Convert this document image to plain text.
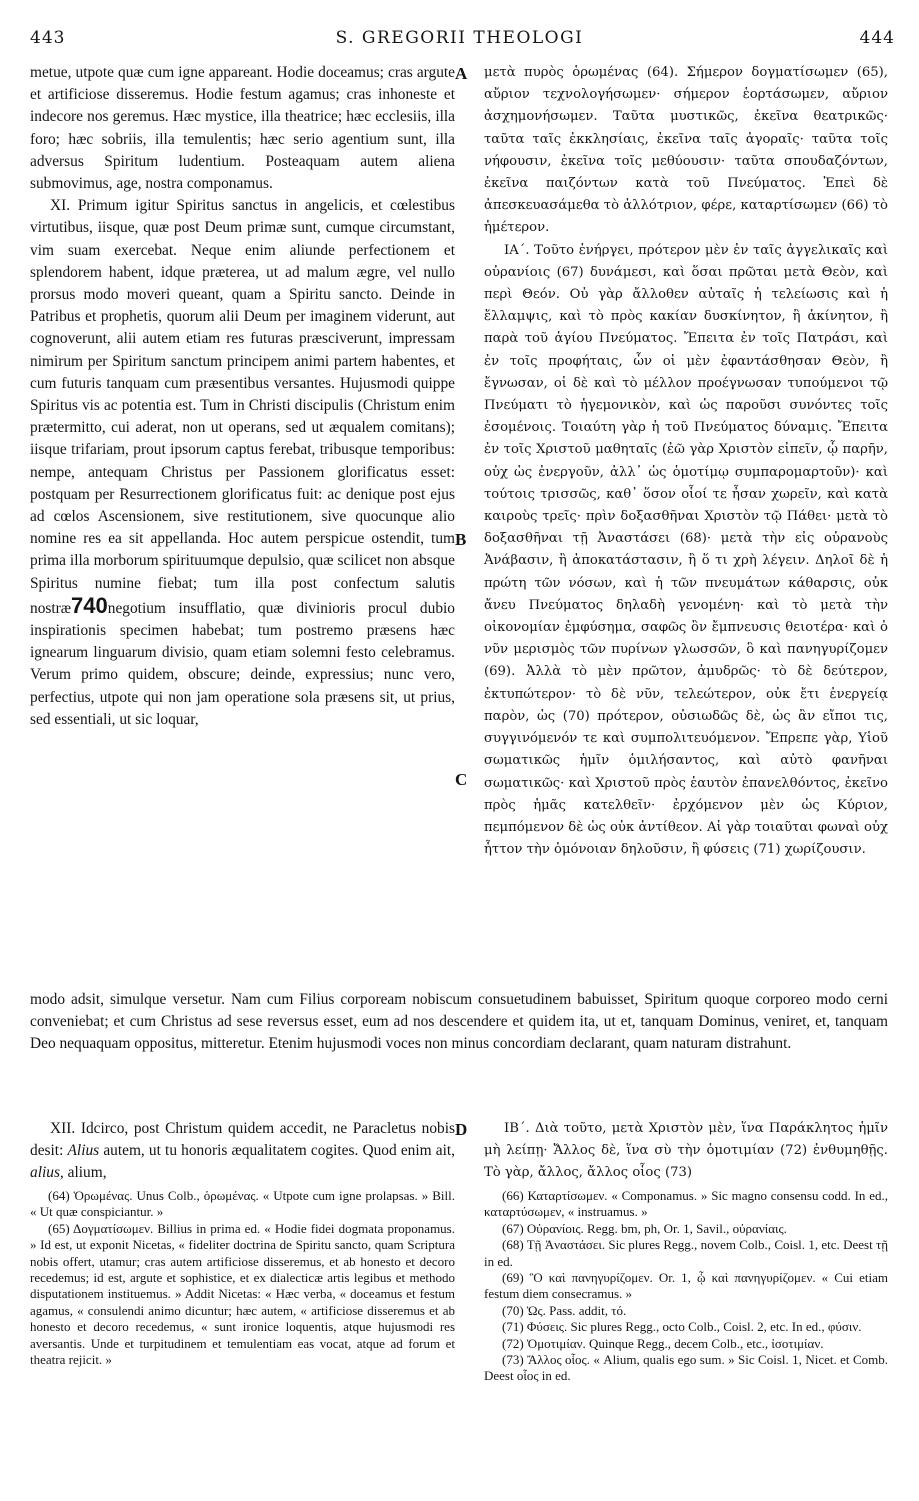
443	S. GREGORII THEOLOGI	444
A
B
C
D

metue, utpote quæ cum igne appareant. Hodie doceamus; cras argute et artificiose disseremus. Hodie festum agamus; cras inhoneste et indecore nos geremus. Hæc mystice, illa theatrice; hæc ecclesiis, illa foro; hæc sobriis, illa temulentis; hæc serio agentium sunt, illa adversus Spiritum ludentium. Posteaquam autem aliena submovimus, age, nostra componamus.

XI. Primum igitur Spiritus sanctus in angelicis, et cœlestibus virtutibus, iisque, quæ post Deum primæ sunt, cumque circumstant, vim suam exercebat. Neque enim aliunde perfectionem et splendorem habent, idque præterea, ut ad malum ægre, vel nullo prorsus modo moveri queant, quam a Spiritu sancto. Deinde in Patribus et prophetis, quorum alii Deum per imaginem viderunt, aut cognoverunt, alii autem etiam res futuras præsciverunt, impressam nimirum per Spiritum sanctum principem animi partem habentes, et cum futuris tanquam cum præsentibus versantes. Hujusmodi quippe Spiritus vis ac potentia est. Tum in Christi discipulis (Christum enim prætermitto, cui aderat, non ut operans, sed ut æqualem comitans); iisque trifariam, prout ipsorum captus ferebat, tribusque temporibus: nempe, antequam Christus per Passionem glorificatus esset: postquam per Resurrectionem glorificatus fuit: ac denique post ejus ad cœlos Ascensionem, sive restitutionem, sive quocunque alio nomine res ea sit appellanda. Hoc autem perspicue ostendit, tum prima illa morborum spirituumque depulsio, quæ scilicet non absque Spiritus numine fiebat; tum illa post confectum salutis nostræ740negotium insufflatio, quæ divinioris procul dubio inspirationis specimen habebat; tum postremo præsens hæc ignearum linguarum divisio, quam etiam solemni festo celebramus. Verum primo quidem, obscure; deinde, expressius; nunc vero, perfectius, utpote qui non jam operatione sola præsens sit, ut prius, sed essentiali, ut sic loquar,

μετὰ πυρὸς ὁρωμένας (64). Σήμερον δογματίσωμεν (65), αὔριον τεχνολογήσωμεν· σήμερον ἑορτάσωμεν, αὔριον ἀσχημονήσωμεν. Ταῦτα μυστικῶς, ἐκεῖνα θεατρικῶς· ταῦτα ταῖς ἐκκλησίαις, ἐκεῖνα ταῖς ἀγοραῖς· ταῦτα τοῖς νήφουσιν, ἐκεῖνα τοῖς μεθύουσιν· ταῦτα σπουδαζόντων, ἐκεῖνα παιζόντων κατὰ τοῦ Πνεύματος. Ἐπεὶ δὲ ἀπεσκευασάμεθα τὸ ἀλλότριον, φέρε, καταρτίσωμεν (66) τὸ ἡμέτερον.

ΙΑ΄. Τοῦτο ἐνήργει, πρότερον μὲν ἐν ταῖς ἀγγελικαῖς καὶ οὐρανίοις (67) δυνάμεσι, καὶ ὅσαι πρῶται μετὰ Θεὸν, καὶ περὶ Θεόν. Οὐ γὰρ ἄλλοθεν αὐταῖς ἡ τελείωσις καὶ ἡ ἔλλαμψις, καὶ τὸ πρὸς κακίαν δυσκίνητον, ἢ ἀκίνητον, ἢ παρὰ τοῦ ἁγίου Πνεύματος. Ἔπειτα ἐν τοῖς Πατράσι, καὶ ἐν τοῖς προφήταις, ὧν οἱ μὲν ἐφαντάσθησαν Θεὸν, ἢ ἔγνωσαν, οἱ δὲ καὶ τὸ μέλλον προέγνωσαν τυπούμενοι τῷ Πνεύματι τὸ ἡγεμονικὸν, καὶ ὡς παροῦσι συνόντες τοῖς ἐσομένοις. Τοιαύτη γὰρ ἡ τοῦ Πνεύματος δύναμις. Ἔπειτα ἐν τοῖς Χριστοῦ μαθηταῖς (ἐῶ γὰρ Χριστὸν εἰπεῖν, ᾧ παρῆν, οὐχ ὡς ἐνεργοῦν, ἀλλ᾽ ὡς ὁμοτίμῳ συμπαρομαρτοῦν)· καὶ τούτοις τρισσῶς, καθ᾽ ὅσον οἷοί τε ἦσαν χωρεῖν, καὶ κατὰ καιροὺς τρεῖς· πρὶν δοξασθῆναι Χριστὸν τῷ Πάθει· μετὰ τὸ δοξασθῆναι τῇ Ἀναστάσει (68)· μετὰ τὴν εἰς οὐρανοὺς Ἀνάβασιν, ἢ ἀποκατάστασιν, ἢ ὅ τι χρὴ λέγειν. Δηλοῖ δὲ ἡ πρώτη τῶν νόσων, καὶ ἡ τῶν πνευμάτων κάθαρσις, οὐκ ἄνευ Πνεύματος δηλαδὴ γενομένη· καὶ τὸ μετὰ τὴν οἰκονομίαν ἐμφύσημα, σαφῶς ὂν ἔμπνευσις θειοτέρα· καὶ ὁ νῦν μερισμὸς τῶν πυρίνων γλωσσῶν, ὃ καὶ πανηγυρίζομεν (69). Ἀλλὰ τὸ μὲν πρῶτον, ἀμυδρῶς· τὸ δὲ δεύτερον, ἐκτυπώτερον· τὸ δὲ νῦν, τελεώτερον, οὐκ ἔτι ἐνεργείᾳ παρὸν, ὡς (70) πρότερον, οὐσιωδῶς δὲ, ὡς ἂν εἴποι τις, συγγινόμενόν τε καὶ συμπολιτευόμενον. Ἔπρεπε γὰρ, Υἱοῦ σωματικῶς ἡμῖν ὁμιλήσαντος, καὶ αὐτὸ φανῆναι σωματικῶς· καὶ Χριστοῦ πρὸς ἑαυτὸν ἐπανελθόντος, ἐκεῖνο πρὸς ἡμᾶς κατελθεῖν· ἐρχόμενον μὲν ὡς Κύριον, πεμπόμενον δὲ ὡς οὐκ ἀντίθεον. Αἱ γὰρ τοιαῦται φωναὶ οὐχ ἧττον τὴν ὁμόνοιαν δηλοῦσιν, ἢ φύσεις (71) χωρίζουσιν.

modo adsit, simulque versetur. Nam cum Filius corpoream nobiscum consuetudinem babuisset, Spiritum quoque corporeo modo cerni conveniebat; et cum Christus ad sese reversus esset, eum ad nos descendere et quidem ita, ut et, tanquam Dominus, veniret, et, tanquam Deo nequaquam oppositus, mitteretur. Etenim hujusmodi voces non minus concordiam declarant, quam naturam distrahunt.

XII. Idcirco, post Christum quidem accedit, ne Paracletus nobis desit: Alius autem, ut tu honoris æqualitatem cogites. Quod enim ait, alius, alium,

ΙΒ΄. Διὰ τοῦτο, μετὰ Χριστὸν μὲν, ἵνα Παράκλητος ἡμῖν μὴ λείπῃ· Ἄλλος δὲ, ἵνα σὺ τὴν ὁμοτιμίαν (72) ἐνθυμηθῇς. Τὸ γὰρ, ἄλλος, ἄλλος οἷος (73)

(64) Ὁρωμένας. Unus Colb., ὁρωμένας. « Utpote cum igne prolapsas. » Bill. « Ut quæ conspiciantur. »

(65) Δογματίσωμεν. Billius in prima ed. « Hodie fidei dogmata proponamus. » Id est, ut exponit Nicetas, « fideliter doctrina de Spiritu sancto, quam Scriptura nobis offert, utamur; cras autem artificiose disseremus, et ab honesto et decoro recedemus; id est, argute et sophistice, et ex dialecticæ artis legibus et methodo disputationem instituemus. » Addit Nicetas: « Hæc verba, « doceamus et festum agamus, « consulendi animo dicuntur; hæc autem, « artificiose disseremus et ab honesto et decoro recedemus, « sunt ironice loquentis, atque hujusmodi res aversantis. Unde et turpitudinem et temulentiam eas vocat, atque ad forum et theatra rejicit. »

(66) Καταρτίσωμεν. « Componamus. » Sic magno consensu codd. In ed., καταρτύσωμεν, « instruamus. »

(67) Οὐρανίοις. Regg. bm, ph, Or. 1, Savil., οὐρανίαις.

(68) Τῇ Ἀναστάσει. Sic plures Regg., novem Colb., Coisl. 1, etc. Deest τῇ in ed.

(69) Ὃ καὶ πανηγυρίζομεν. Or. 1, ᾧ καὶ πανηγυρίζομεν. « Cui etiam festum diem consecramus. »

(70) Ὡς. Pass. addit, τό.

(71) Φύσεις. Sic plures Regg., octo Colb., Coisl. 2, etc. In ed., φύσιν.

(72) Ὁμοτιμίαν. Quinque Regg., decem Colb., etc., ἰσοτιμίαν.

(73) Ἄλλος οἷος. « Alium, qualis ego sum. » Sic Coisl. 1, Nicet. et Comb. Deest οἷος in ed.
